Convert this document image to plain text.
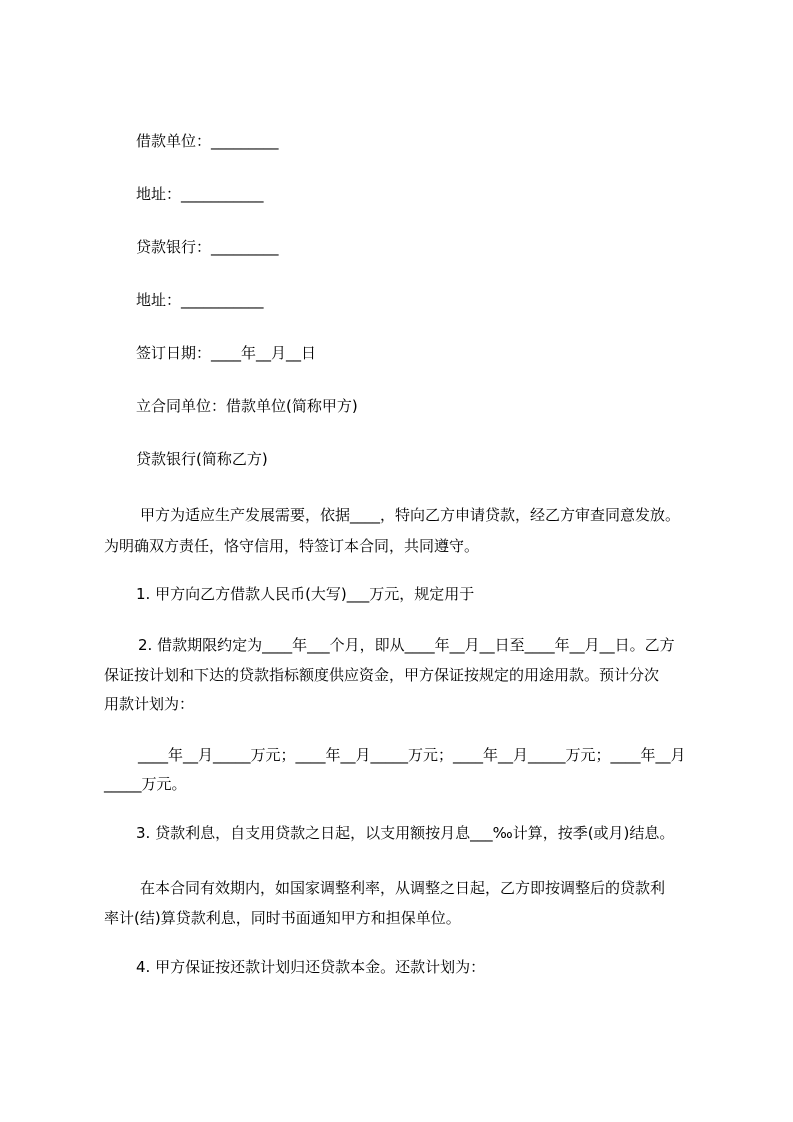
借款单位：_________
地址：___________
贷款银行：_________
地址：___________
签订日期：____年__月__日
立合同单位：借款单位(简称甲方)
贷款银行(简称乙方)
甲方为适应生产发展需要，依据____，特向乙方申请贷款，经乙方审查同意发放。
为明确双方责任，恪守信用，特签订本合同，共同遵守。
1. 甲方向乙方借款人民币(大写)___万元，规定用于
2. 借款期限约定为____年___个月，即从____年__月__日至____年__月__日。乙方
保证按计划和下达的贷款指标额度供应资金，甲方保证按规定的用途用款。预计分次
用款计划为：
____年__月_____万元；____年__月_____万元；____年__月_____万元；____年__月
_____万元。
3. 贷款利息，自支用贷款之日起，以支用额按月息___‰计算，按季(或月)结息。
在本合同有效期内，如国家调整利率，从调整之日起，乙方即按调整后的贷款利
率计(结)算贷款利息，同时书面通知甲方和担保单位。
4. 甲方保证按还款计划归还贷款本金。还款计划为：
